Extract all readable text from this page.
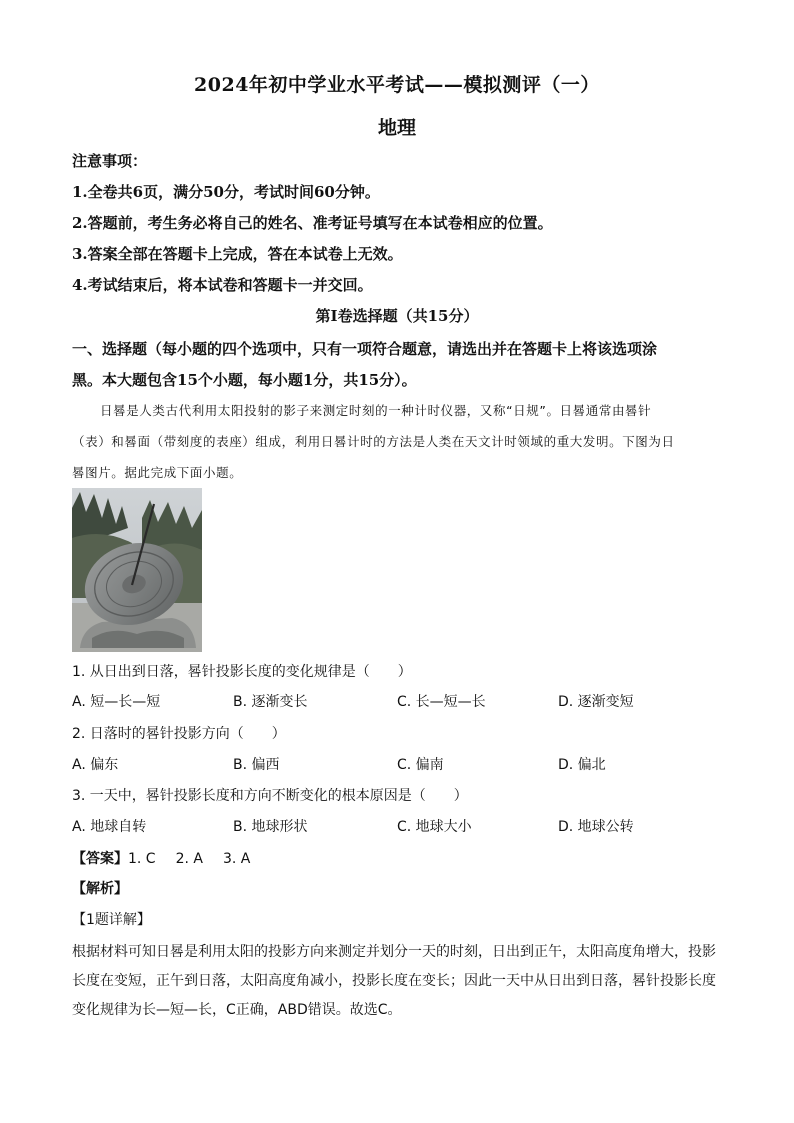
2024年初中学业水平考试——模拟测评（一）
地理
注意事项：
1.全卷共6页，满分50分，考试时间60分钟。
2.答题前，考生务必将自己的姓名、准考证号填写在本试卷相应的位置。
3.答案全部在答题卡上完成，答在本试卷上无效。
4.考试结束后，将本试卷和答题卡一并交回。
第Ⅰ卷选择题（共15分）
一、选择题（每小题的四个选项中，只有一项符合题意，请选出并在答题卡上将该选项涂
黑。本大题包含15个小题，每小题1分，共15分）。
日晷是人类古代利用太阳投射的影子来测定时刻的一种计时仪器，又称“日规”。日晷通常由晷针
（表）和晷面（带刻度的表座）组成，利用日晷计时的方法是人类在天文计时领域的重大发明。下图为日
晷图片。据此完成下面小题。
1. 从日出到日落，晷针投影长度的变化规律是（　　）
A. 短—长—短	B. 逐渐变长	C. 长—短—长	D. 逐渐变短
2. 日落时的晷针投影方向（　　）
A. 偏东	B. 偏西	C. 偏南	D. 偏北
3. 一天中，晷针投影长度和方向不断变化的根本原因是（　　）
A. 地球自转	B. 地球形状	C. 地球大小	D. 地球公转
【答案】1. C 2. A 3. A
【解析】
【1题详解】
根据材料可知日晷是利用太阳的投影方向来测定并划分一天的时刻，日出到正午，太阳高度角增大，投影
长度在变短，正午到日落，太阳高度角减小，投影长度在变长；因此一天中从日出到日落，晷针投影长度
变化规律为长—短—长，C正确，ABD错误。故选C。
